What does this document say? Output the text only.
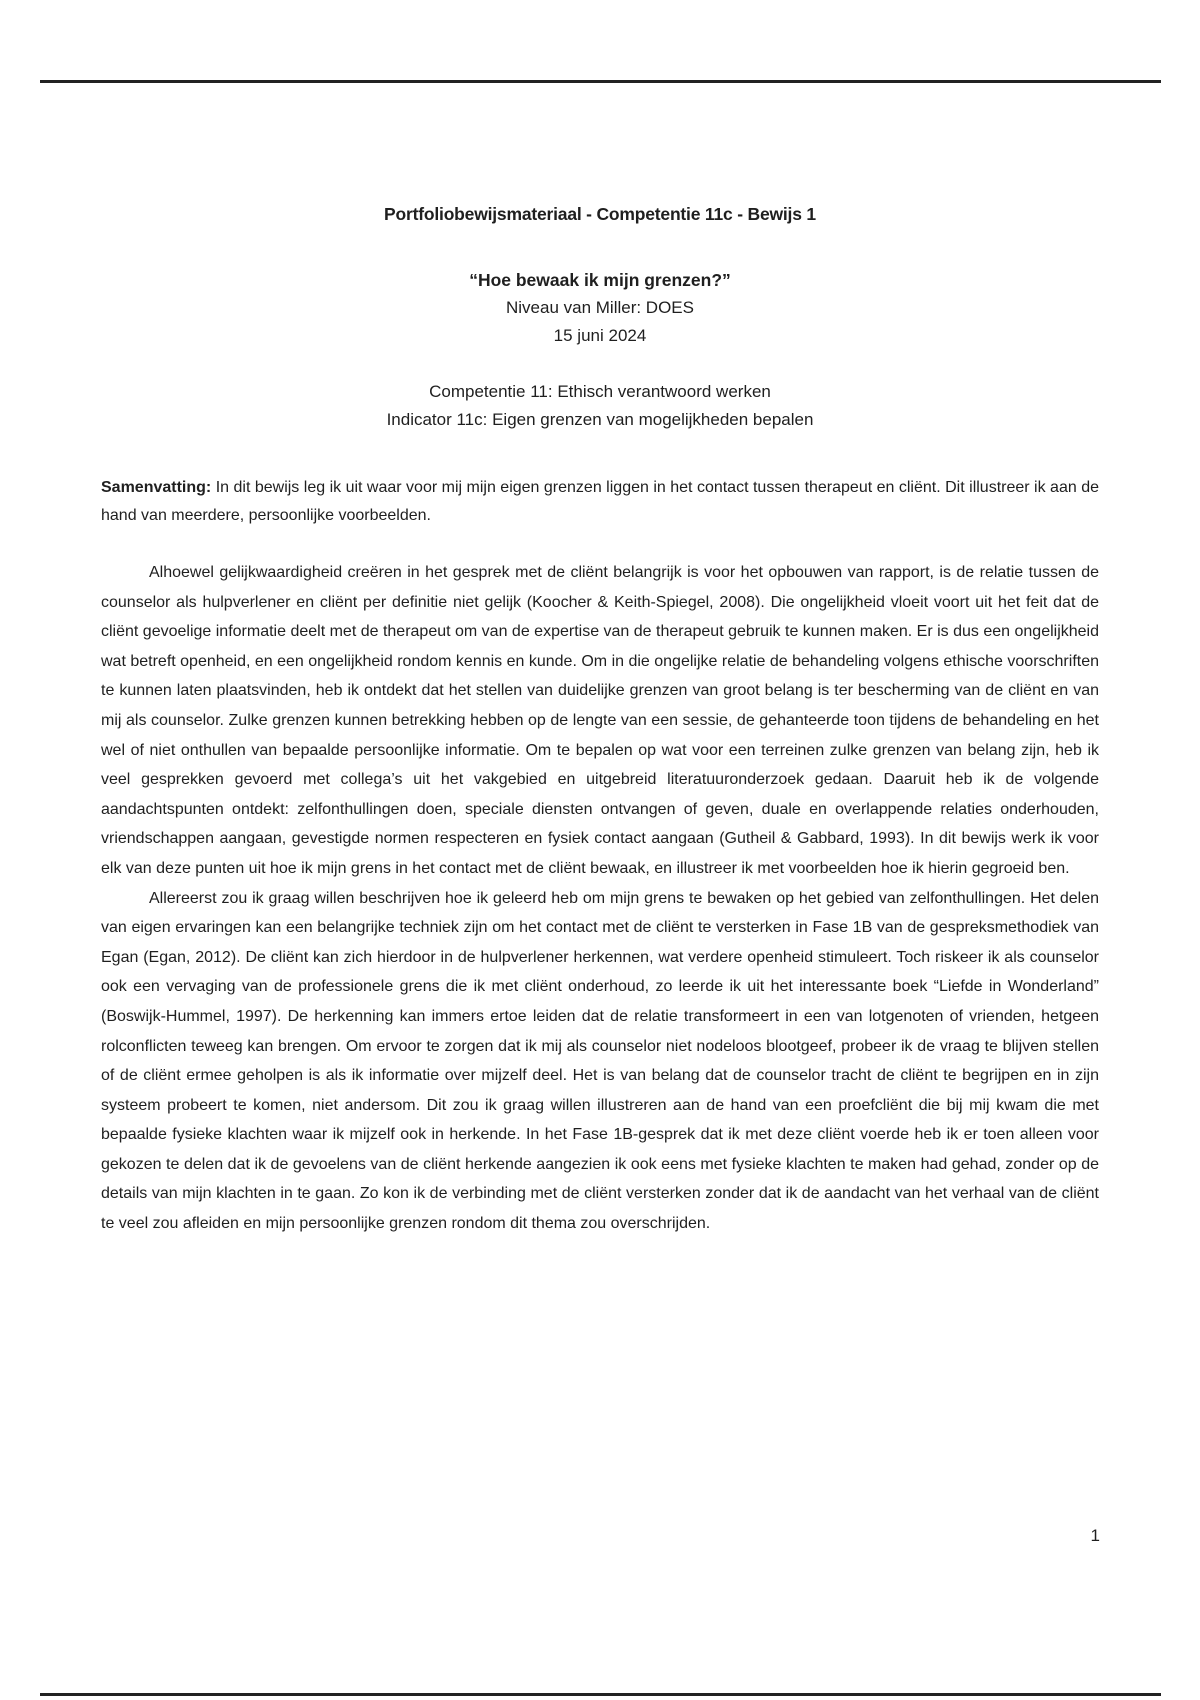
Portfoliobewijsmateriaal - Competentie 11c - Bewijs 1
“Hoe bewaak ik mijn grenzen?”
Niveau van Miller: DOES
15 juni 2024
Competentie 11: Ethisch verantwoord werken
Indicator 11c: Eigen grenzen van mogelijkheden bepalen
Samenvatting: In dit bewijs leg ik uit waar voor mij mijn eigen grenzen liggen in het contact tussen therapeut en cliënt. Dit illustreer ik aan de hand van meerdere, persoonlijke voorbeelden.

Alhoewel gelijkwaardigheid creëren in het gesprek met de cliënt belangrijk is voor het opbouwen van rapport, is de relatie tussen de counselor als hulpverlener en cliënt per definitie niet gelijk (Koocher & Keith-Spiegel, 2008). Die ongelijkheid vloeit voort uit het feit dat de cliënt gevoelige informatie deelt met de therapeut om van de expertise van de therapeut gebruik te kunnen maken. Er is dus een ongelijkheid wat betreft openheid, en een ongelijkheid rondom kennis en kunde. Om in die ongelijke relatie de behandeling volgens ethische voorschriften te kunnen laten plaatsvinden, heb ik ontdekt dat het stellen van duidelijke grenzen van groot belang is ter bescherming van de cliënt en van mij als counselor. Zulke grenzen kunnen betrekking hebben op de lengte van een sessie, de gehanteerde toon tijdens de behandeling en het wel of niet onthullen van bepaalde persoonlijke informatie. Om te bepalen op wat voor een terreinen zulke grenzen van belang zijn, heb ik veel gesprekken gevoerd met collega’s uit het vakgebied en uitgebreid literatuuronderzoek gedaan. Daaruit heb ik de volgende aandachtspunten ontdekt: zelfonthullingen doen, speciale diensten ontvangen of geven, duale en overlappende relaties onderhouden, vriendschappen aangaan, gevestigde normen respecteren en fysiek contact aangaan (Gutheil & Gabbard, 1993). In dit bewijs werk ik voor elk van deze punten uit hoe ik mijn grens in het contact met de cliënt bewaak, en illustreer ik met voorbeelden hoe ik hierin gegroeid ben.

Allereerst zou ik graag willen beschrijven hoe ik geleerd heb om mijn grens te bewaken op het gebied van zelfonthullingen. Het delen van eigen ervaringen kan een belangrijke techniek zijn om het contact met de cliënt te versterken in Fase 1B van de gespreksmethodiek van Egan (Egan, 2012). De cliënt kan zich hierdoor in de hulpverlener herkennen, wat verdere openheid stimuleert. Toch riskeer ik als counselor ook een vervaging van de professionele grens die ik met cliënt onderhoud, zo leerde ik uit het interessante boek “Liefde in Wonderland” (Boswijk-Hummel, 1997). De herkenning kan immers ertoe leiden dat de relatie transformeert in een van lotgenoten of vrienden, hetgeen rolconflicten teweeg kan brengen. Om ervoor te zorgen dat ik mij als counselor niet nodeloos blootgeef, probeer ik de vraag te blijven stellen of de cliënt ermee geholpen is als ik informatie over mijzelf deel. Het is van belang dat de counselor tracht de cliënt te begrijpen en in zijn systeem probeert te komen, niet andersom. Dit zou ik graag willen illustreren aan de hand van een proefcliënt die bij mij kwam die met bepaalde fysieke klachten waar ik mijzelf ook in herkende. In het Fase 1B-gesprek dat ik met deze cliënt voerde heb ik er toen alleen voor gekozen te delen dat ik de gevoelens van de cliënt herkende aangezien ik ook eens met fysieke klachten te maken had gehad, zonder op de details van mijn klachten in te gaan. Zo kon ik de verbinding met de cliënt versterken zonder dat ik de aandacht van het verhaal van de cliënt te veel zou afleiden en mijn persoonlijke grenzen rondom dit thema zou overschrijden.

1
